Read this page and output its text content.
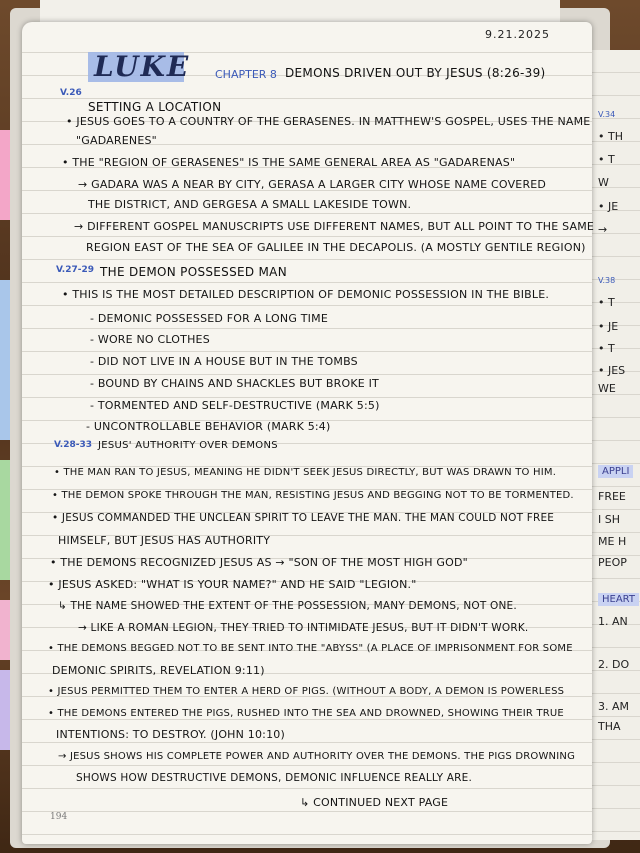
V.34
• TH
• T
W
• JE
→
V.38
• T
• JE
• T
• JES
WE
APPLI
FREE
I SH
ME H
PEOP
HEART
1. AN
2. DO
3. AM
THA
9.21.2025
LUKE CHAPTER 8 DEMONS DRIVEN OUT BY JESUS (8:26-39)
V.26
SETTING A LOCATION
• JESUS GOES TO A COUNTRY OF THE GERASENES. IN MATTHEW'S GOSPEL, USES THE NAME
"GADARENES"
• THE "REGION OF GERASENES" IS THE SAME GENERAL AREA AS "GADARENAS"
→ GADARA WAS A NEAR BY CITY, GERASA A LARGER CITY WHOSE NAME COVERED
THE DISTRICT, AND GERGESA A SMALL LAKESIDE TOWN.
→ DIFFERENT GOSPEL MANUSCRIPTS USE DIFFERENT NAMES, BUT ALL POINT TO THE SAME
REGION EAST OF THE SEA OF GALILEE IN THE DECAPOLIS. (A MOSTLY GENTILE REGION)
V.27-29 THE DEMON POSSESSED MAN
• THIS IS THE MOST DETAILED DESCRIPTION OF DEMONIC POSSESSION IN THE BIBLE.
- DEMONIC POSSESSED FOR A LONG TIME
- WORE NO CLOTHES
- DID NOT LIVE IN A HOUSE BUT IN THE TOMBS
- BOUND BY CHAINS AND SHACKLES BUT BROKE IT
- TORMENTED AND SELF-DESTRUCTIVE (MARK 5:5)
- UNCONTROLLABLE BEHAVIOR (MARK 5:4)
V.28-33 JESUS' AUTHORITY OVER DEMONS
• THE MAN RAN TO JESUS, MEANING HE DIDN'T SEEK JESUS DIRECTLY, BUT WAS DRAWN TO HIM.
• THE DEMON SPOKE THROUGH THE MAN, RESISTING JESUS AND BEGGING NOT TO BE TORMENTED.
• JESUS COMMANDED THE UNCLEAN SPIRIT TO LEAVE THE MAN. THE MAN COULD NOT FREE
HIMSELF, BUT JESUS HAS AUTHORITY
• THE DEMONS RECOGNIZED JESUS AS → "SON OF THE MOST HIGH GOD"
• JESUS ASKED: "WHAT IS YOUR NAME?" AND HE SAID "LEGION."
↳ THE NAME SHOWED THE EXTENT OF THE POSSESSION, MANY DEMONS, NOT ONE.
→ LIKE A ROMAN LEGION, THEY TRIED TO INTIMIDATE JESUS, BUT IT DIDN'T WORK.
• THE DEMONS BEGGED NOT TO BE SENT INTO THE "ABYSS" (A PLACE OF IMPRISONMENT FOR SOME
DEMONIC SPIRITS, REVELATION 9:11)
• JESUS PERMITTED THEM TO ENTER A HERD OF PIGS. (WITHOUT A BODY, A DEMON IS POWERLESS
• THE DEMONS ENTERED THE PIGS, RUSHED INTO THE SEA AND DROWNED, SHOWING THEIR TRUE
INTENTIONS: TO DESTROY. (JOHN 10:10)
→ JESUS SHOWS HIS COMPLETE POWER AND AUTHORITY OVER THE DEMONS. THE PIGS DROWNING
SHOWS HOW DESTRUCTIVE DEMONS, DEMONIC INFLUENCE REALLY ARE.
↳ CONTINUED NEXT PAGE
194
